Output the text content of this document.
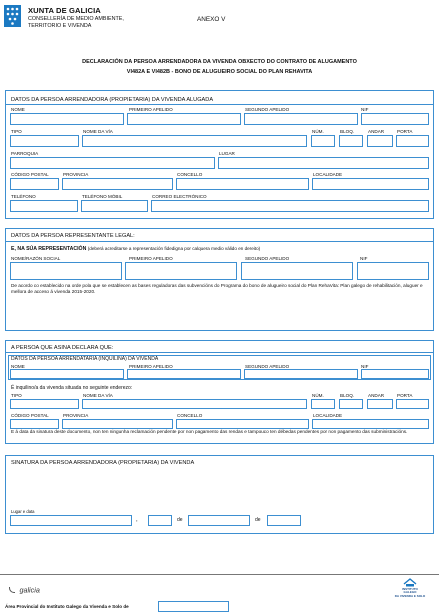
XUNTA DE GALICIA
CONSELLERÍA DE MEDIO AMBIENTE,
TERRITORIO E VIVENDA
ANEXO V
DECLARACIÓN DA PERSOA ARRENDADORA DA VIVENDA OBXECTO DO CONTRATO DE ALUGAMENTO
VI482A E VI482B - BONO DE ALUGUEIRO SOCIAL DO PLAN REHAVITA
DATOS DA PERSOA ARRENDADORA (PROPIETARIA) DA VIVENDA ALUGADA
NOME	PRIMEIRO APELIDO	SEGUNDO APELIDO	NIF
TIPO	NOME DA VÍA	NÚM.	BLOQ.	ANDAR	PORTA
PARROQUIA	LUGAR
CÓDIGO POSTAL	PROVINCIA	CONCELLO	LOCALIDADE
TELÉFONO	TELÉFONO MÓBIL	CORREO ELECTRÓNICO
DATOS DA PERSOA REPRESENTANTE LEGAL:
E, NA SÚA REPRESENTACIÓN (deberá acreditarse a representación fidedigna por calquera medio válido en dereito)
NOME/RAZÓN SOCIAL	PRIMEIRO APELIDO	SEGUNDO APELIDO	NIF
De acordo co establecido na orde pola que se establecen as bases reguladoras das subvencións do Programa do bono de alugueiro social do Plan RehaVita: Plan galego de rehabilitación, aluguer e mellora de acceso á vivenda 2015-2020.
A PERSOA QUE ASINA DECLARA QUE:
DATOS DA PERSOA ARRENDATARIA (INQUILINA) DA VIVENDA
NOME	PRIMEIRO APELIDO	SEGUNDO APELIDO	NIF
É inquilino/a da vivenda situada no seguinte enderezo:
TIPO	NOME DA VÍA	NÚM.	BLOQ.	ANDAR	PORTA
CÓDIGO POSTAL	PROVINCIA	CONCELLO	LOCALIDADE
E á data da sinatura deste documento, non ten ningunha reclamación pendente por non pagamento das rendas e tampouco ten débedas pendentes por non pagamento das subministracións.
SINATURA DA PERSOA ARRENDADORA (PROPIETARIA) DA VIVENDA
Lugar e data
,	de	de
galicia	INSTITUTO
GALEGO
DA VIVENDA E SOLO
Área Provincial do Instituto Galego da Vivenda e Solo de
